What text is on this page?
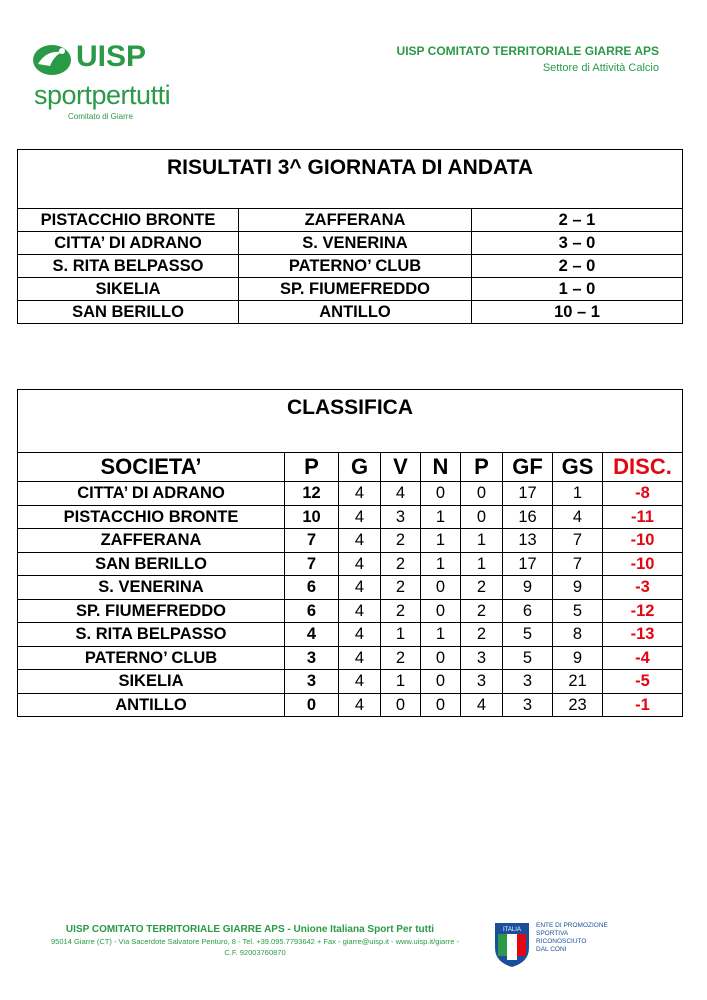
UISP
sportpertutti
Comitato di Giarre
UISP COMITATO TERRITORIALE GIARRE APS
Settore di Attività Calcio
RISULTATI 3^ GIORNATA DI ANDATA		
PISTACCHIO BRONTE	ZAFFERANA	2 – 1
CITTA’ DI ADRANO	S. VENERINA	3 – 0
S. RITA BELPASSO	PATERNO’ CLUB	2 – 0
SIKELIA	SP. FIUMEFREDDO	1 – 0
SAN BERILLO	ANTILLO	10 – 1
CLASSIFICA								
SOCIETA’	P	G	V	N	P	GF	GS	DISC.
CITTA’ DI ADRANO	12	4	4	0	0	17	1	-8
PISTACCHIO BRONTE	10	4	3	1	0	16	4	-11
ZAFFERANA	7	4	2	1	1	13	7	-10
SAN BERILLO	7	4	2	1	1	17	7	-10
S. VENERINA	6	4	2	0	2	9	9	-3
SP. FIUMEFREDDO	6	4	2	0	2	6	5	-12
S. RITA BELPASSO	4	4	1	1	2	5	8	-13
PATERNO’ CLUB	3	4	2	0	3	5	9	-4
SIKELIA	3	4	1	0	3	3	21	-5
ANTILLO	0	4	0	0	4	3	23	-1
UISP COMITATO TERRITORIALE GIARRE APS - Unione Italiana Sport Per tutti
95014 Giarre (CT) - Via Sacerdote Salvatore Penturo, 8 - Tel. +39.095.7793642 + Fax - giarre@uisp.it - www.uisp.it/giarre -
C.F. 92003760870
ITALIA
ENTE DI PROMOZIONE
SPORTIVA
RICONOSCIUTO
DAL CONI
